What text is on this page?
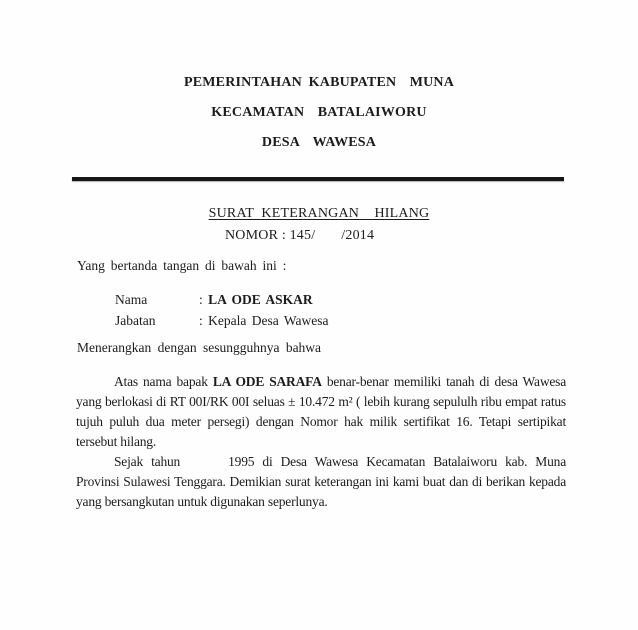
PEMERINTAHAN KABUPATEN  MUNA
KECAMATAN  BATALAIWORU
DESA  WAWESA
SURAT KETERANGAN  HILANG
NOMOR : 145/ /2014
Yang bertanda tangan di bawah ini :
Nama	: LA ODE ASKAR
Jabatan	: Kepala Desa Wawesa
Menerangkan dengan sesungguhnya bahwa
Atas nama bapak LA ODE SARAFA benar-benar memiliki tanah di desa Wawesa
yang berlokasi di RT 00I/RK 00I seluas ± 10.472 m² ( lebih kurang sepululh ribu empat ratus
tujuh puluh dua meter persegi) dengan Nomor hak milik sertifikat 16. Tetapi sertipikat
tersebut hilang.
Sejak tahun	1995 di Desa Wawesa Kecamatan Batalaiworu kab. Muna
Provinsi Sulawesi Tenggara. Demikian surat keterangan ini kami buat dan di berikan kepada
yang bersangkutan untuk digunakan seperlunya.
